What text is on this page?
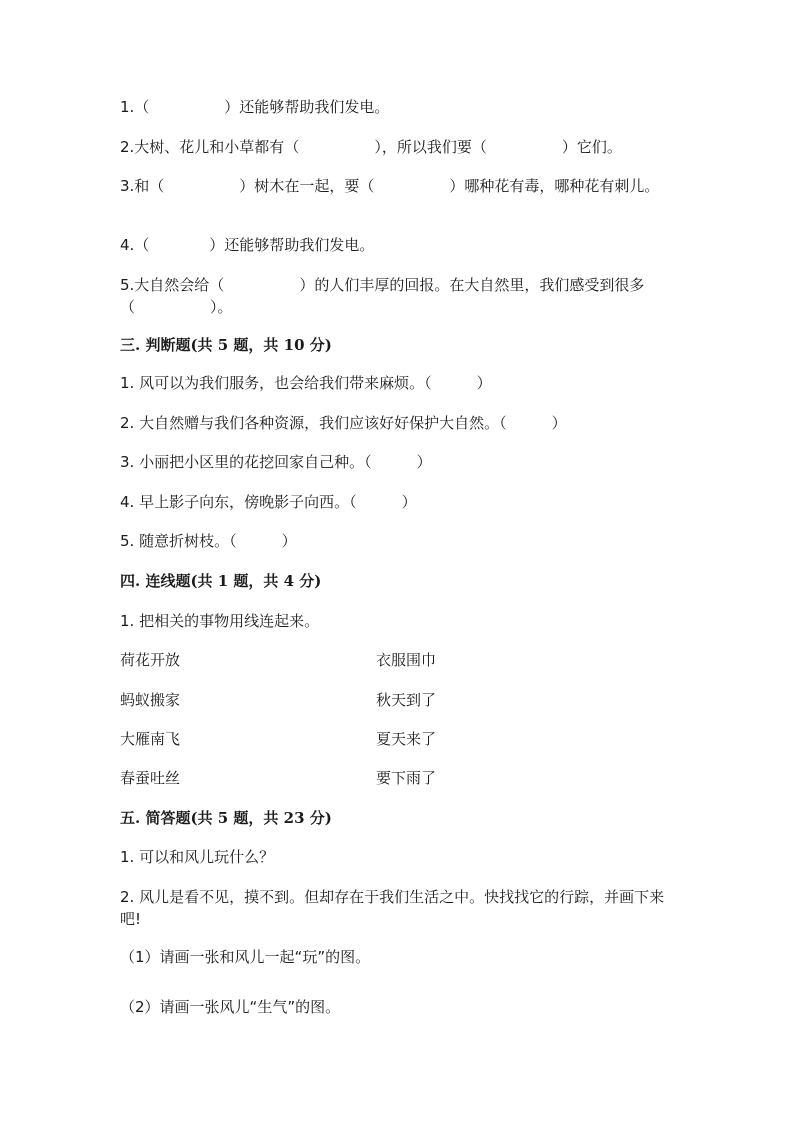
1.（　　　　　）还能够帮助我们发电。
2.大树、花儿和小草都有（　　　　　），所以我们要（　　　　　）它们。
3.和（　　　　　）树木在一起，要（　　　　　）哪种花有毒，哪种花有刺儿。
4.（　　　　）还能够帮助我们发电。
5.大自然会给（　　　　　）的人们丰厚的回报。在大自然里，我们感受到很多（　　　　　）。
三. 判断题(共 5 题，共 10 分)
1. 风可以为我们服务，也会给我们带来麻烦。（　　　）
2. 大自然赠与我们各种资源，我们应该好好保护大自然。（　　　）
3. 小丽把小区里的花挖回家自己种。（　　　）
4. 早上影子向东，傍晚影子向西。（　　　）
5. 随意折树枝。（　　　）
四. 连线题(共 1 题，共 4 分)
1. 把相关的事物用线连起来。
荷花开放	衣服围巾
蚂蚁搬家	秋天到了
大雁南飞	夏天来了
春蚕吐丝	要下雨了
五. 简答题(共 5 题，共 23 分)
1. 可以和风儿玩什么？
2. 风儿是看不见，摸不到。但却存在于我们生活之中。快找找它的行踪，并画下来吧!
（1）请画一张和风儿一起“玩”的图。
（2）请画一张风儿“生气”的图。
